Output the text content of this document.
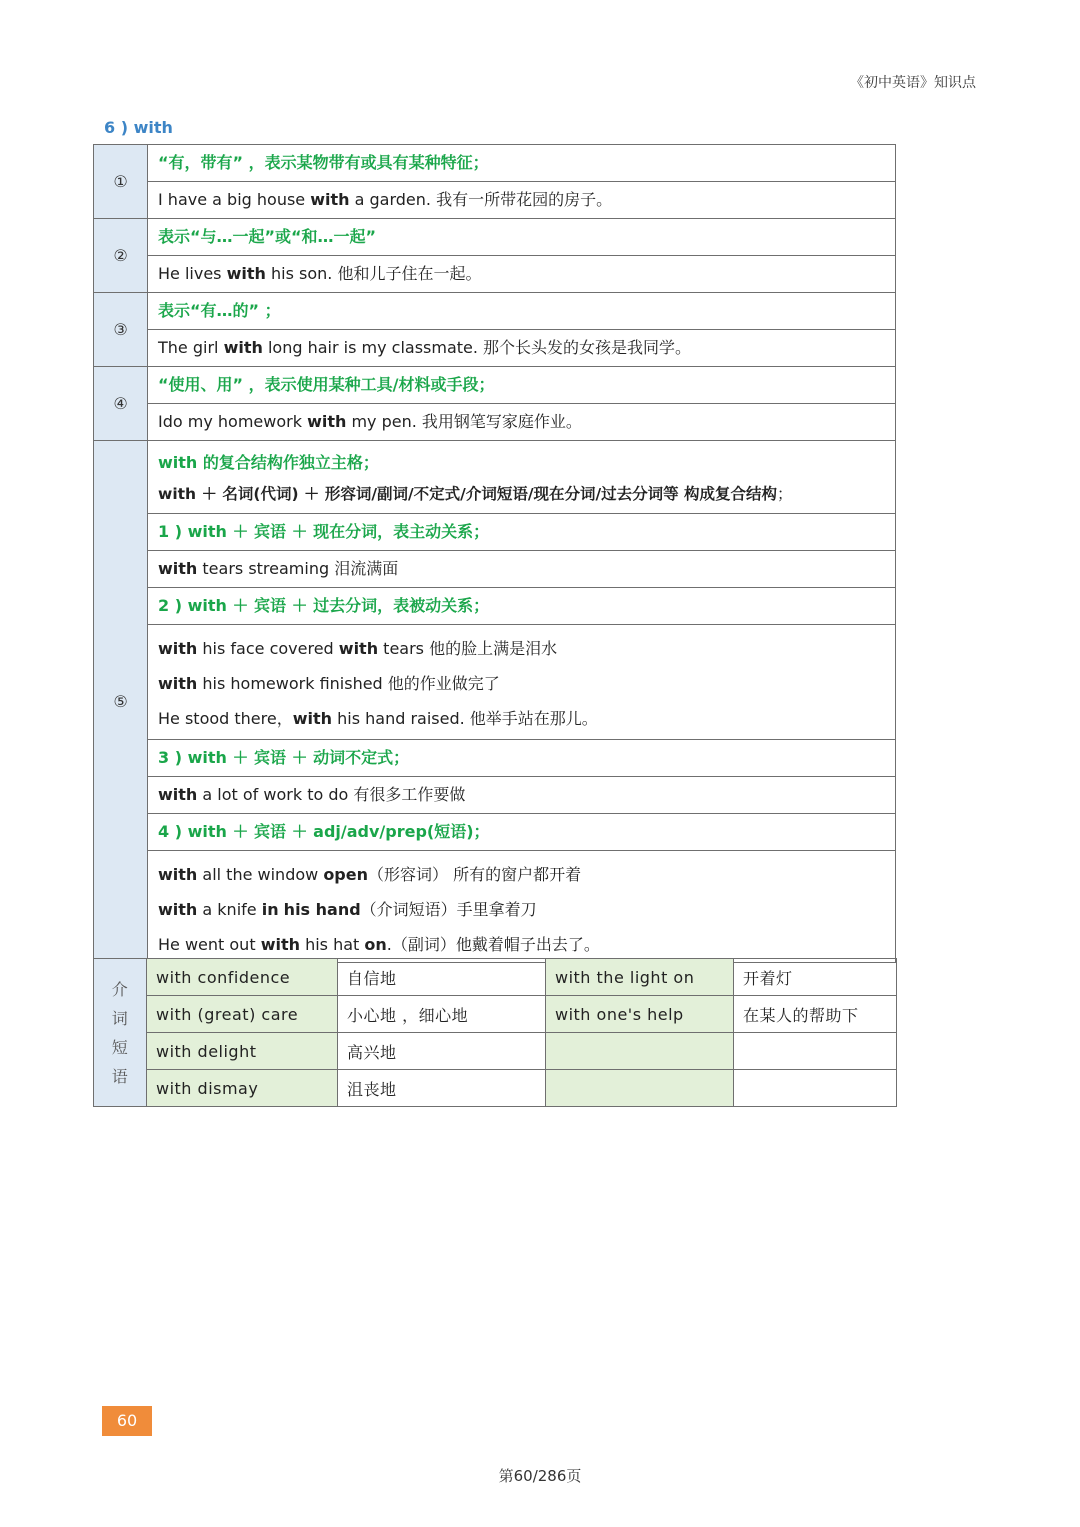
《初中英语》知识点
6 ) with
①	“有，带有” ，表示某物带有或具有某种特征；
	I have a big house with a garden. 我有一所带花园的房子。
②	表示“与…一起”或“和…一起”
	He lives with his son. 他和儿子住在一起。
③	表示“有…的” ；
	The girl with long hair is my classmate. 那个长头发的女孩是我同学。
④	“使用、用” ，表示使用某种工具/材料或手段；
	Ido my homework with my pen. 我用钢笔写家庭作业。
⑤	with 的复合结构作独立主格；
with ＋ 名词(代词) ＋ 形容词/副词/不定式/介词短语/现在分词/过去分词等 构成复合结构；

	1 ) with ＋ 宾语 ＋ 现在分词，表主动关系；
	with tears streaming 泪流满面
	2 ) with ＋ 宾语 ＋ 过去分词，表被动关系；

	with his face covered with tears 他的脸上满是泪水
with his homework finished 他的作业做完了
He stood there，with his hand raised. 他举手站在那儿。

	3 ) with ＋ 宾语 ＋ 动词不定式；
	with a lot of work to do 有很多工作要做
	4 ) with ＋ 宾语 ＋ adj/adv/prep(短语)；

	with all the window open（形容词） 所有的窗户都开着
with a knife in his hand（介词短语）手里拿着刀
He went out with his hat on.（副词）他戴着帽子出去了。
介
词
短
语	with confidence	自信地	with the light on	开着灯
	with (great) care	小心地 ，细心地	with one's help	在某人的帮助下
	with delight	高兴地		
	with dismay	沮丧地		
60
第60/286页
